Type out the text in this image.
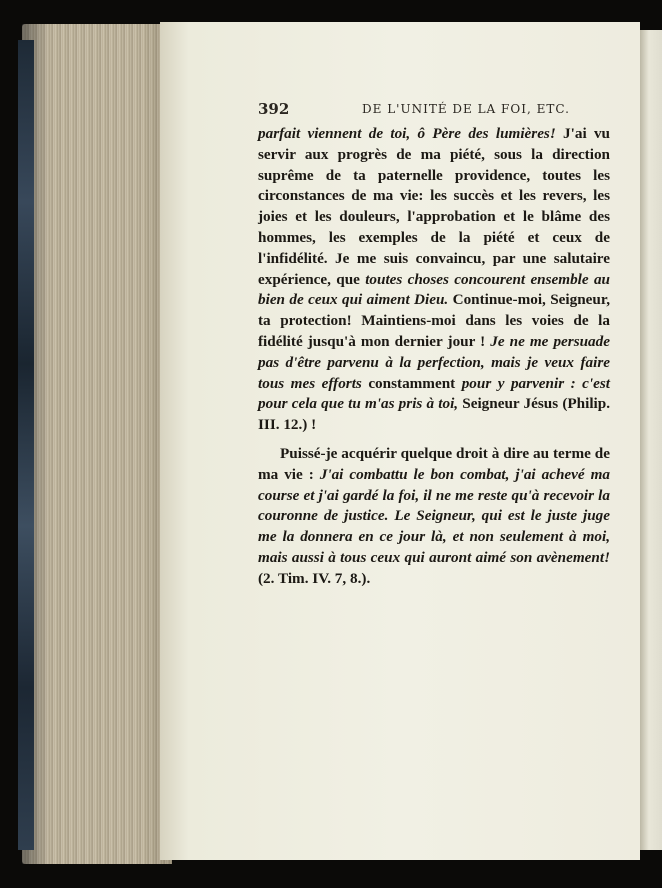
392	DE L'UNITÉ DE LA FOI, ETC.

parfait viennent de toi, ô Père des lumières! J'ai vu servir aux progrès de ma piété, sous la direction suprême de ta paternelle providence, toutes les circonstances de ma vie: les succès et les revers, les joies et les douleurs, l'approbation et le blâme des hommes, les exemples de la piété et ceux de l'infidélité. Je me suis convaincu, par une salutaire expérience, que toutes choses concourent ensemble au bien de ceux qui aiment Dieu. Continue-moi, Seigneur, ta protection! Maintiens-moi dans les voies de la fidélité jusqu'à mon dernier jour ! Je ne me persuade pas d'être parvenu à la perfection, mais je veux faire tous mes efforts constamment pour y parvenir : c'est pour cela que tu m'as pris à toi, Seigneur Jésus (Philip. III. 12.) !

Puissé-je acquérir quelque droit à dire au terme de ma vie : J'ai combattu le bon combat, j'ai achevé ma course et j'ai gardé la foi, il ne me reste qu'à recevoir la couronne de justice. Le Seigneur, qui est le juste juge me la donnera en ce jour là, et non seulement à moi, mais aussi à tous ceux qui auront aimé son avènement! (2. Tim. IV. 7, 8.).
